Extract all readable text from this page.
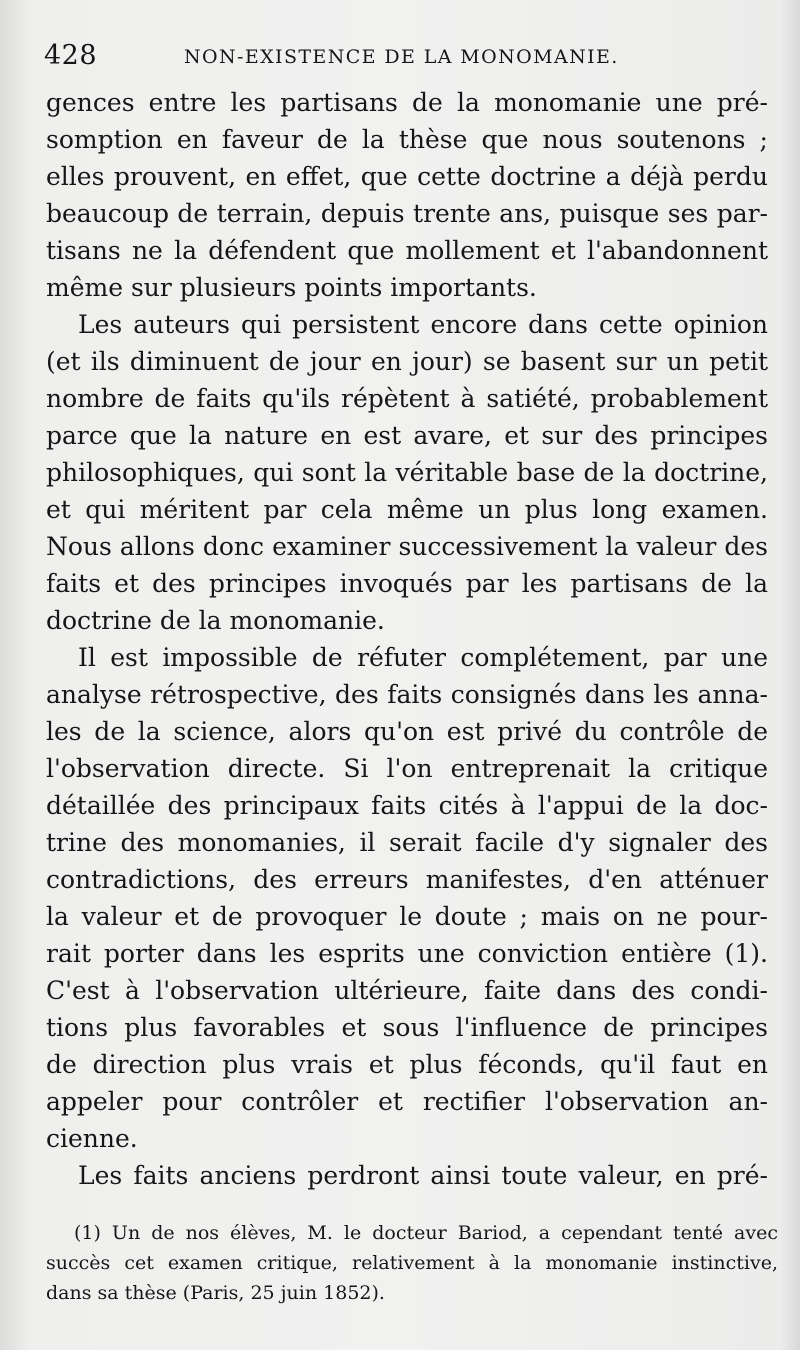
428	NON-EXISTENCE DE LA MONOMANIE.
gences entre les partisans de la monomanie une pré-
somption en faveur de la thèse que nous soutenons ;
elles prouvent, en effet, que cette doctrine a déjà perdu
beaucoup de terrain, depuis trente ans, puisque ses par-
tisans ne la défendent que mollement et l'abandonnent
même sur plusieurs points importants.
Les auteurs qui persistent encore dans cette opinion
(et ils diminuent de jour en jour) se basent sur un petit
nombre de faits qu'ils répètent à satiété, probablement
parce que la nature en est avare, et sur des principes
philosophiques, qui sont la véritable base de la doctrine,
et qui méritent par cela même un plus long examen.
Nous allons donc examiner successivement la valeur des
faits et des principes invoqués par les partisans de la
doctrine de la monomanie.
Il est impossible de réfuter complétement, par une
analyse rétrospective, des faits consignés dans les anna-
les de la science, alors qu'on est privé du contrôle de
l'observation directe. Si l'on entreprenait la critique
détaillée des principaux faits cités à l'appui de la doc-
trine des monomanies, il serait facile d'y signaler des
contradictions, des erreurs manifestes, d'en atténuer
la valeur et de provoquer le doute ; mais on ne pour-
rait porter dans les esprits une conviction entière (1).
C'est à l'observation ultérieure, faite dans des condi-
tions plus favorables et sous l'influence de principes
de direction plus vrais et plus féconds, qu'il faut en
appeler pour contrôler et rectifier l'observation an-
cienne.
Les faits anciens perdront ainsi toute valeur, en pré-
(1) Un de nos élèves, M. le docteur Bariod, a cependant tenté avec
succès cet examen critique, relativement à la monomanie instinctive,
dans sa thèse (Paris, 25 juin 1852).
